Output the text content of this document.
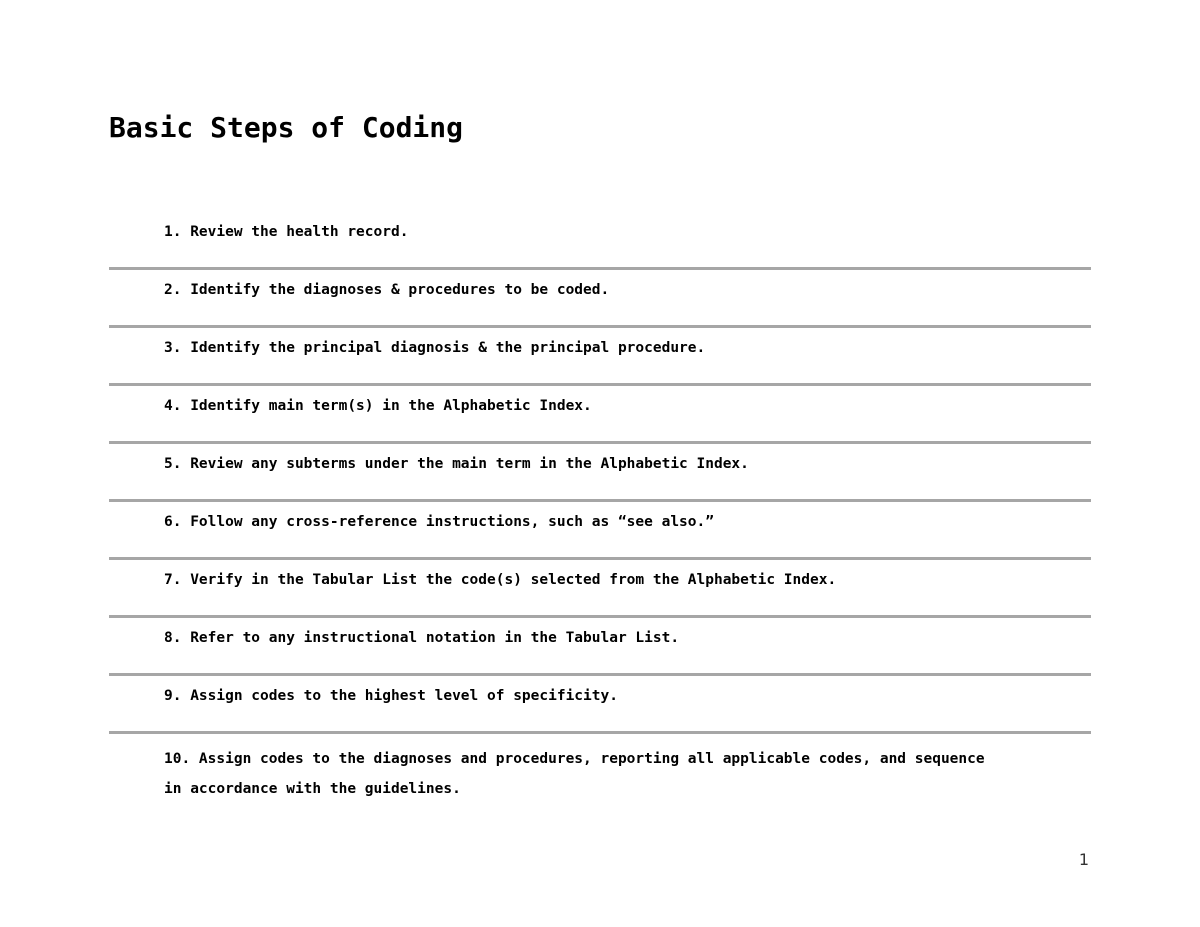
Basic Steps of Coding
1. Review the health record.
2. Identify the diagnoses & procedures to be coded.
3. Identify the principal diagnosis & the principal procedure.
4. Identify main term(s) in the Alphabetic Index.
5. Review any subterms under the main term in the Alphabetic Index.
6. Follow any cross-reference instructions, such as “see also.”
7. Verify in the Tabular List the code(s) selected from the Alphabetic Index.
8. Refer to any instructional notation in the Tabular List.
9. Assign codes to the highest level of specificity.
10. Assign codes to the diagnoses and procedures, reporting all applicable codes, and sequence
in accordance with the guidelines.
1
